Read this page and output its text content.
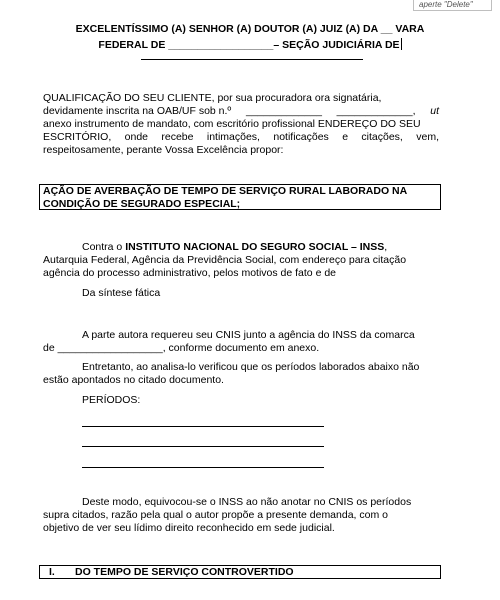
aperte "Delete"
EXCELENTÍSSIMO (A) SENHOR (A) DOUTOR (A) JUIZ (A) DA __ VARA
FEDERAL DE __________________– SEÇÃO JUDICIÁRIA DE
QUALIFICAÇÃO DO SEU CLIENTE, por sua procuradora ora signatária,
devidamente inscrita na OAB/UF sob n.º _____________ _____________, ut
anexo instrumento de mandato, com escritório profissional ENDEREÇO DO SEU
ESCRITÓRIO, onde recebe intimações, notificações e citações, vem,
respeitosamente, perante Vossa Excelência propor:
AÇÃO DE AVERBAÇÃO DE TEMPO DE SERVIÇO RURAL LABORADO NA CONDIÇÃO DE SEGURADO ESPECIAL;
Contra o INSTITUTO NACIONAL DO SEGURO SOCIAL – INSS,
Autarquia Federal, Agência da Previdência Social, com endereço para citação
agência do processo administrativo, pelos motivos de fato e de
Da síntese fática
A parte autora requereu seu CNIS junto a agência do INSS da comarca
de __________________, conforme documento em anexo.
Entretanto, ao analisa-lo verificou que os períodos laborados abaixo não
estão apontados no citado documento.
PERÍODOS:
Deste modo, equivocou-se o INSS ao não anotar no CNIS os períodos
supra citados, razão pela qual o autor propõe a presente demanda, com o
objetivo de ver seu lídimo direito reconhecido em sede judicial.
I. DO TEMPO DE SERVIÇO CONTROVERTIDO
